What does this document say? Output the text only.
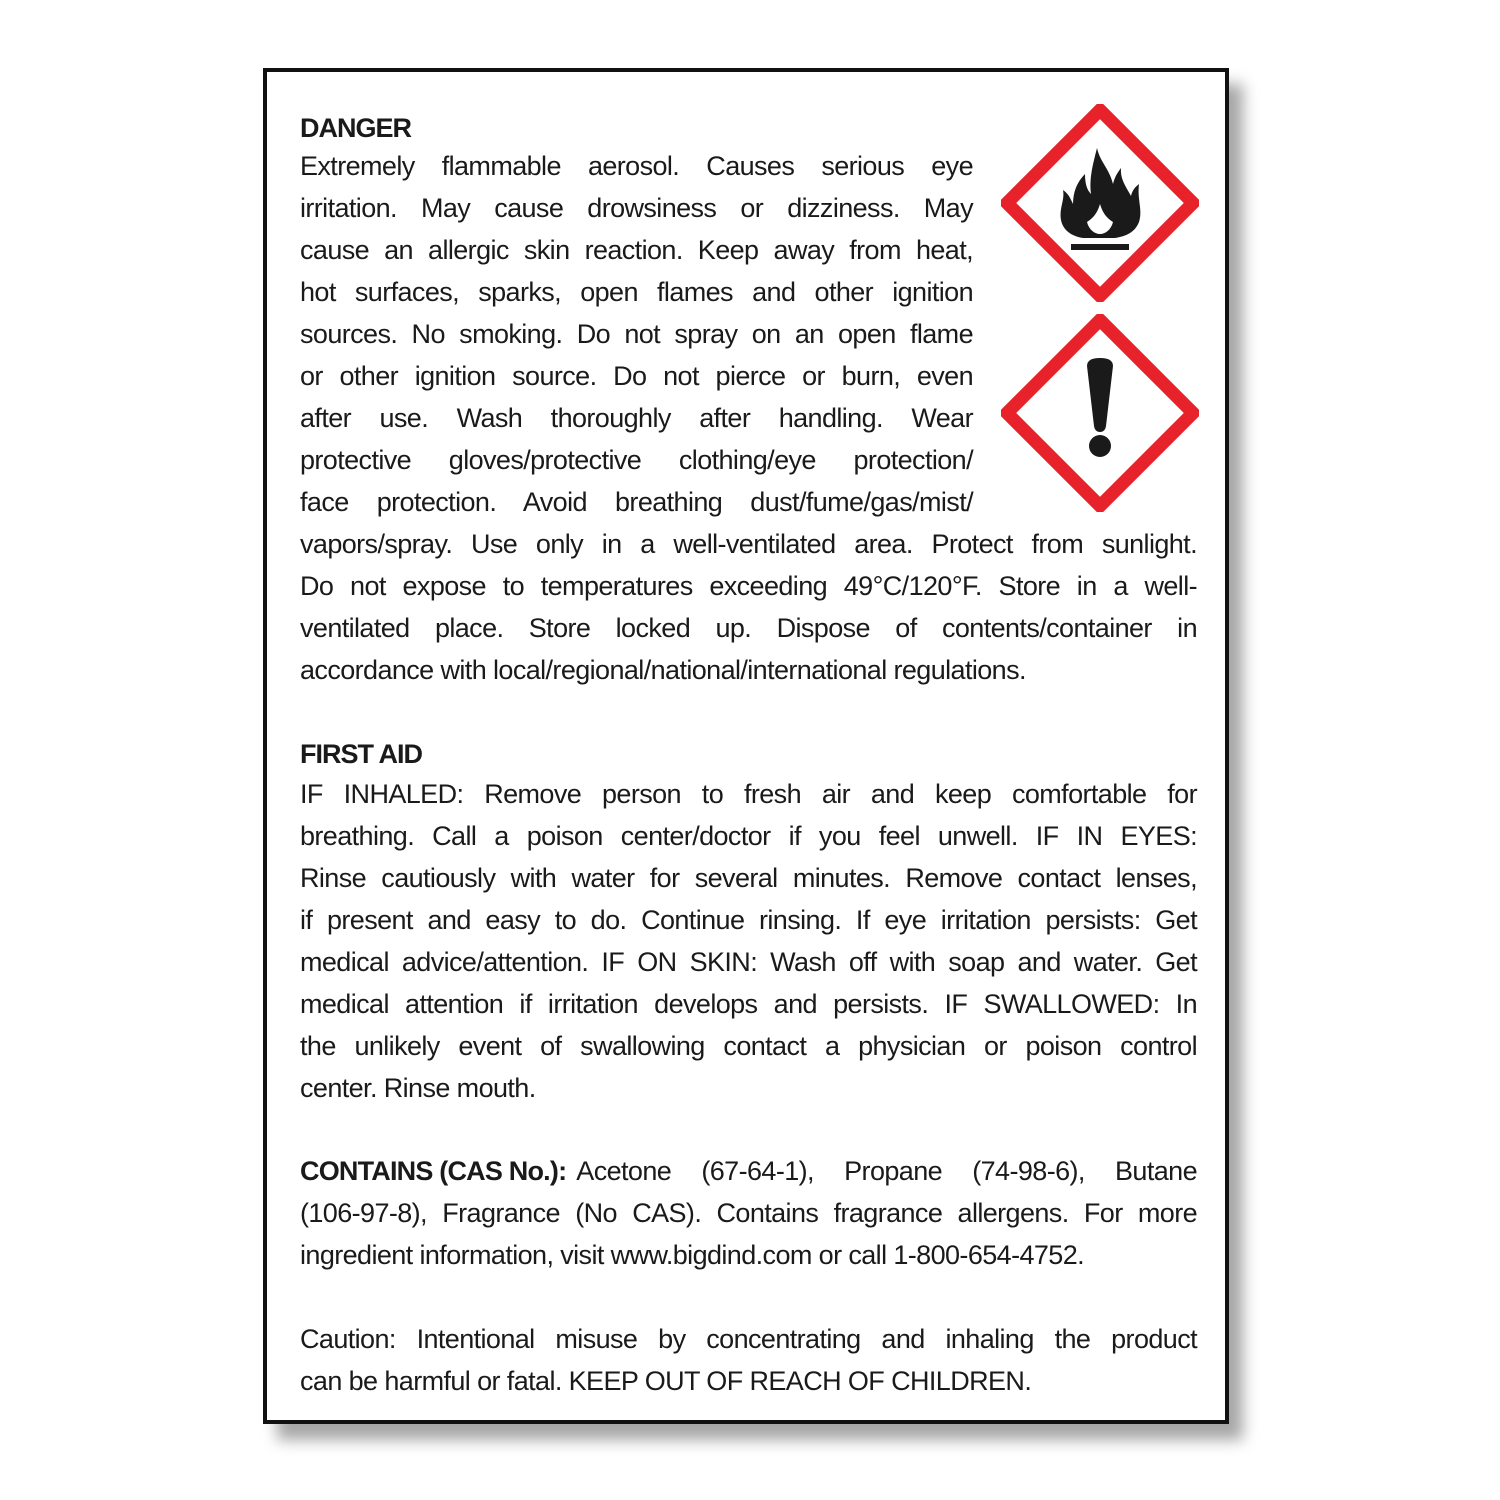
DANGER
Extremely flammable aerosol. Causes serious eye
irritation. May cause drowsiness or dizziness. May
cause an allergic skin reaction. Keep away from heat,
hot surfaces, sparks, open flames and other ignition
sources. No smoking. Do not spray on an open flame
or other ignition source. Do not pierce or burn, even
after use. Wash thoroughly after handling. Wear
protective gloves/protective clothing/eye protection/
face protection. Avoid breathing dust/fume/gas/mist/
vapors/spray. Use only in a well-ventilated area. Protect from sunlight.
Do not expose to temperatures exceeding 49°C/120°F. Store in a well-
ventilated place. Store locked up. Dispose of contents/container in
accordance with local/regional/national/international regulations.
FIRST AID
IF INHALED: Remove person to fresh air and keep comfortable for
breathing. Call a poison center/doctor if you feel unwell. IF IN EYES:
Rinse cautiously with water for several minutes. Remove contact lenses,
if present and easy to do. Continue rinsing. If eye irritation persists: Get
medical advice/attention. IF ON SKIN: Wash off with soap and water. Get
medical attention if irritation develops and persists. IF SWALLOWED: In
the unlikely event of swallowing contact a physician or poison control
center. Rinse mouth.
CONTAINS (CAS No.): Acetone (67-64-1), Propane (74-98-6), Butane
(106-97-8), Fragrance (No CAS). Contains fragrance allergens. For more
ingredient information, visit www.bigdind.com or call 1-800-654-4752.
Caution: Intentional misuse by concentrating and inhaling the product
can be harmful or fatal. KEEP OUT OF REACH OF CHILDREN.
